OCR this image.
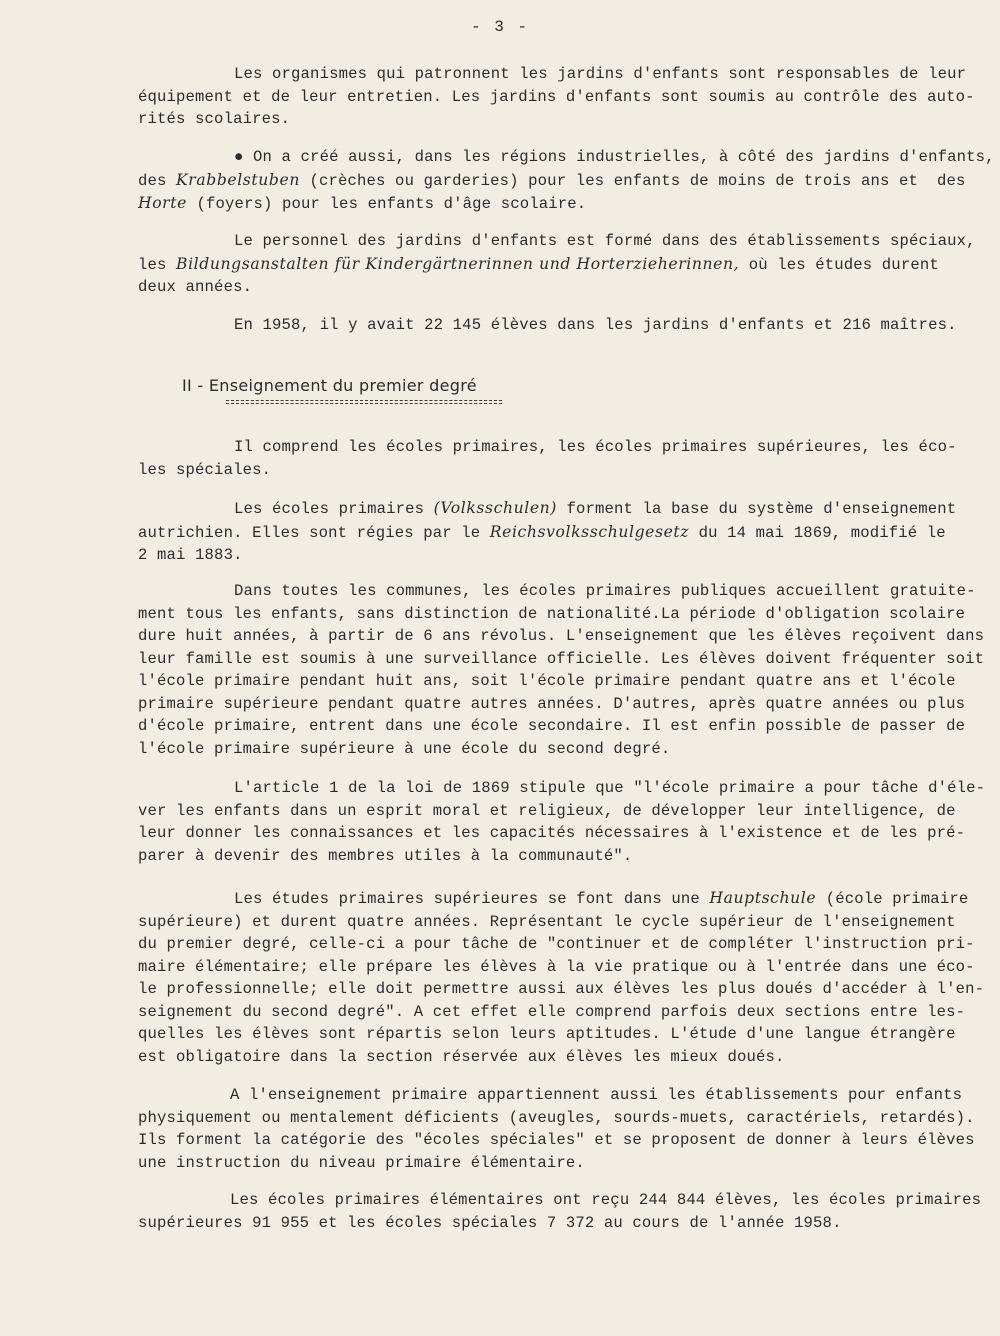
- 3 -
Les organismes qui patronnent les jardins d'enfants sont responsables de leur
équipement et de leur entretien. Les jardins d'enfants sont soumis au contrôle des auto-
rités scolaires.
● On a créé aussi, dans les régions industrielles, à côté des jardins d'enfants,
des Krabbelstuben (crèches ou garderies) pour les enfants de moins de trois ans et  des
Horte (foyers) pour les enfants d'âge scolaire.
Le personnel des jardins d'enfants est formé dans des établissements spéciaux,
les Bildungsanstalten für Kindergärtnerinnen und Horterzieherinnen, où les études durent
deux années.
En 1958, il y avait 22 145 élèves dans les jardins d'enfants et 216 maîtres.
II - Enseignement du premier degré
Il comprend les écoles primaires, les écoles primaires supérieures, les éco-
les spéciales.
Les écoles primaires (Volksschulen) forment la base du système d'enseignement
autrichien. Elles sont régies par le Reichsvolksschulgesetz du 14 mai 1869, modifié le
2 mai 1883.
Dans toutes les communes, les écoles primaires publiques accueillent gratuite-
ment tous les enfants, sans distinction de nationalité.La période d'obligation scolaire
dure huit années, à partir de 6 ans révolus. L'enseignement que les élèves reçoivent dans
leur famille est soumis à une surveillance officielle. Les élèves doivent fréquenter soit
l'école primaire pendant huit ans, soit l'école primaire pendant quatre ans et l'école
primaire supérieure pendant quatre autres années. D'autres, après quatre années ou plus
d'école primaire, entrent dans une école secondaire. Il est enfin possible de passer de
l'école primaire supérieure à une école du second degré.
L'article 1 de la loi de 1869 stipule que "l'école primaire a pour tâche d'éle-
ver les enfants dans un esprit moral et religieux, de développer leur intelligence, de
leur donner les connaissances et les capacités nécessaires à l'existence et de les pré-
parer à devenir des membres utiles à la communauté".
Les études primaires supérieures se font dans une Hauptschule (école primaire
supérieure) et durent quatre années. Représentant le cycle supérieur de l'enseignement
du premier degré, celle-ci a pour tâche de "continuer et de compléter l'instruction pri-
maire élémentaire; elle prépare les élèves à la vie pratique ou à l'entrée dans une éco-
le professionnelle; elle doit permettre aussi aux élèves les plus doués d'accéder à l'en-
seignement du second degré". A cet effet elle comprend parfois deux sections entre les-
quelles les élèves sont répartis selon leurs aptitudes. L'étude d'une langue étrangère
est obligatoire dans la section réservée aux élèves les mieux doués.
A l'enseignement primaire appartiennent aussi les établissements pour enfants
physiquement ou mentalement déficients (aveugles, sourds-muets, caractériels, retardés).
Ils forment la catégorie des "écoles spéciales" et se proposent de donner à leurs élèves
une instruction du niveau primaire élémentaire.
Les écoles primaires élémentaires ont reçu 244 844 élèves, les écoles primaires
supérieures 91 955 et les écoles spéciales 7 372 au cours de l'année 1958.
